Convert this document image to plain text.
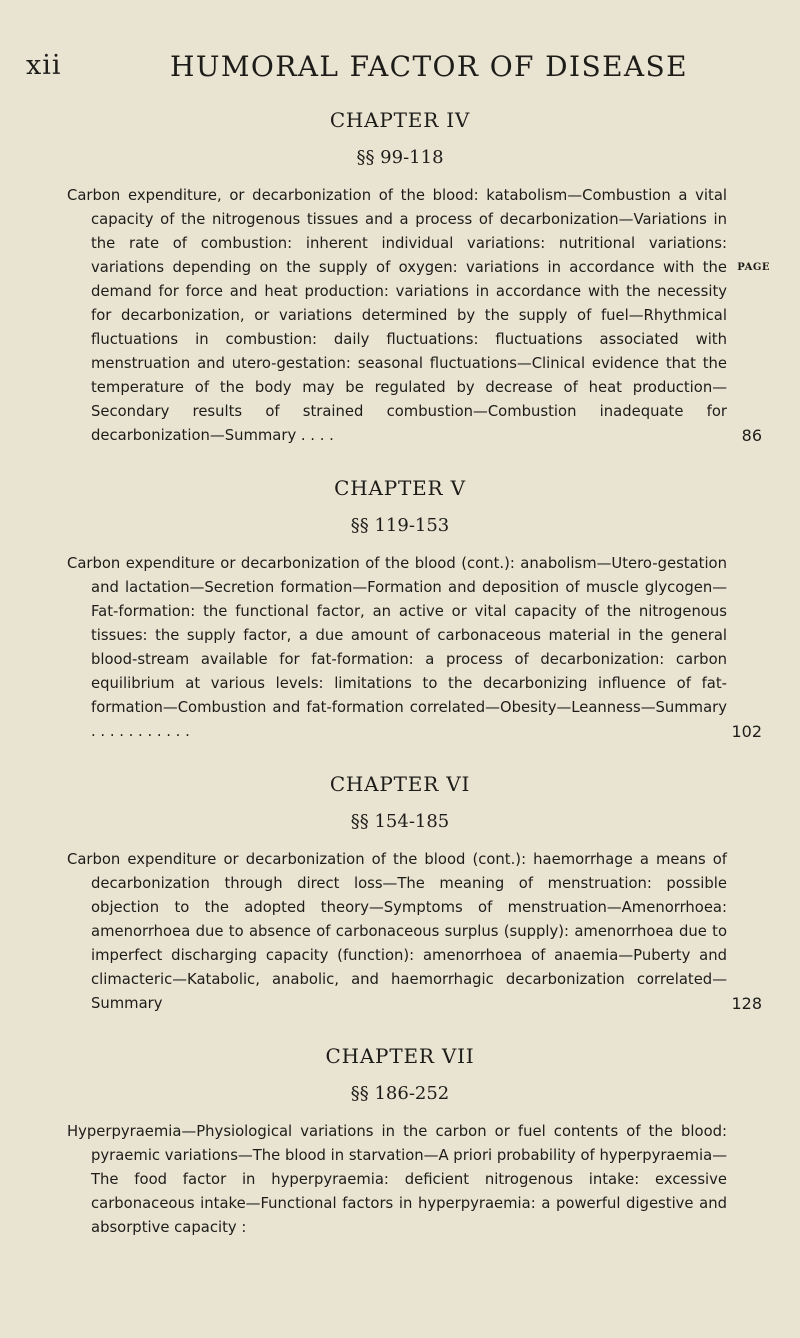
xii	HUMORAL FACTOR OF DISEASE
PAGE
CHAPTER IV
§§ 99-118
Carbon expenditure, or decarbonization of the blood: katabolism—Combustion a vital capacity of the nitrogenous tissues and a process of decarbonization—Variations in the rate of combustion: inherent individual variations: nutritional variations: variations depending on the supply of oxygen: variations in accordance with the demand for force and heat production: variations in accordance with the necessity for decarbonization, or variations determined by the supply of fuel—Rhythmical fluctuations in combustion: daily fluctuations: fluctuations associated with menstruation and utero-gestation: seasonal fluctuations—Clinical evidence that the temperature of the body may be regulated by decrease of heat production—Secondary results of strained combustion—Combustion inadequate for decarbonization—Summary . . . .	86
CHAPTER V
§§ 119-153
Carbon expenditure or decarbonization of the blood (cont.): anabolism—Utero-gestation and lactation—Secretion formation—Formation and deposition of muscle glycogen—Fat-formation: the functional factor, an active or vital capacity of the nitrogenous tissues: the supply factor, a due amount of carbonaceous material in the general blood-stream available for fat-formation: a process of decarbonization: carbon equilibrium at various levels: limitations to the decarbonizing influence of fat-formation—Combustion and fat-formation correlated—Obesity—Leanness—Summary . . . . . . . . . . .	102
CHAPTER VI
§§ 154-185
Carbon expenditure or decarbonization of the blood (cont.): haemorrhage a means of decarbonization through direct loss—The meaning of menstruation: possible objection to the adopted theory—Symptoms of menstruation—Amenorrhoea: amenorrhoea due to absence of carbonaceous surplus (supply): amenorrhoea due to imperfect discharging capacity (function): amenorrhoea of anaemia—Puberty and climacteric—Katabolic, anabolic, and haemorrhagic decarbonization correlated—Summary	128
CHAPTER VII
§§ 186-252
Hyperpyraemia—Physiological variations in the carbon or fuel contents of the blood: pyraemic variations—The blood in starvation—A priori probability of hyperpyraemia—The food factor in hyperpyraemia: deficient nitrogenous intake: excessive carbonaceous intake—Functional factors in hyperpyraemia: a powerful digestive and absorptive capacity :
